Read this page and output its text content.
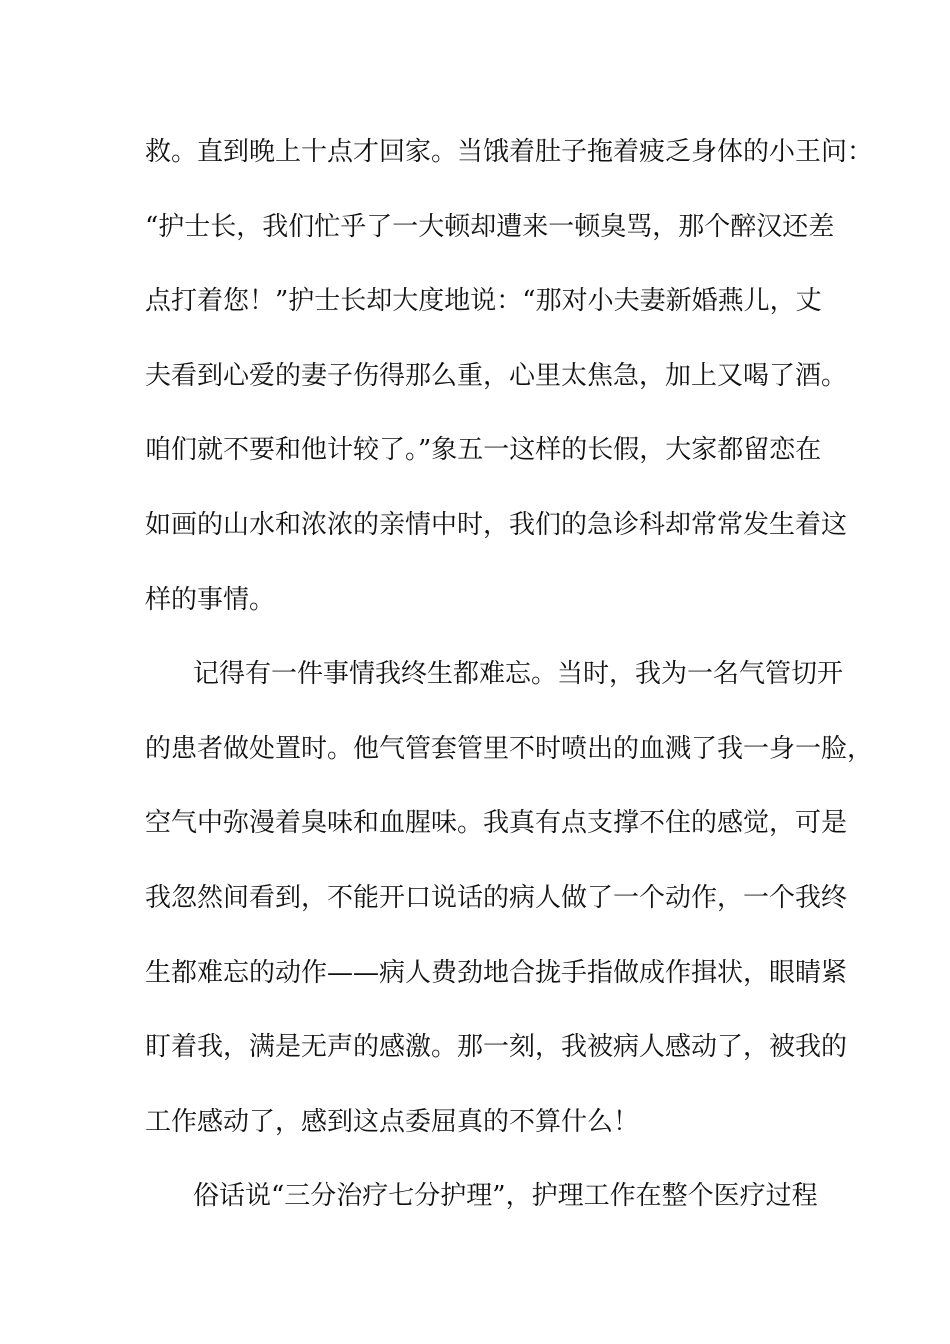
救。直到晚上十点才回家。当饿着肚子拖着疲乏身体的小王问：
“护士长，我们忙乎了一大顿却遭来一顿臭骂，那个醉汉还差
点打着您！”护士长却大度地说：“那对小夫妻新婚燕儿，丈
夫看到心爱的妻子伤得那么重，心里太焦急，加上又喝了酒。
咱们就不要和他计较了。”象五一这样的长假，大家都留恋在
如画的山水和浓浓的亲情中时，我们的急诊科却常常发生着这
样的事情。
记得有一件事情我终生都难忘。当时，我为一名气管切开
的患者做处置时。他气管套管里不时喷出的血溅了我一身一脸，
空气中弥漫着臭味和血腥味。我真有点支撑不住的感觉，可是
我忽然间看到，不能开口说话的病人做了一个动作，一个我终
生都难忘的动作——病人费劲地合拢手指做成作揖状，眼睛紧
盯着我，满是无声的感激。那一刻，我被病人感动了，被我的
工作感动了，感到这点委屈真的不算什么！
俗话说“三分治疗七分护理”，护理工作在整个医疗过程
